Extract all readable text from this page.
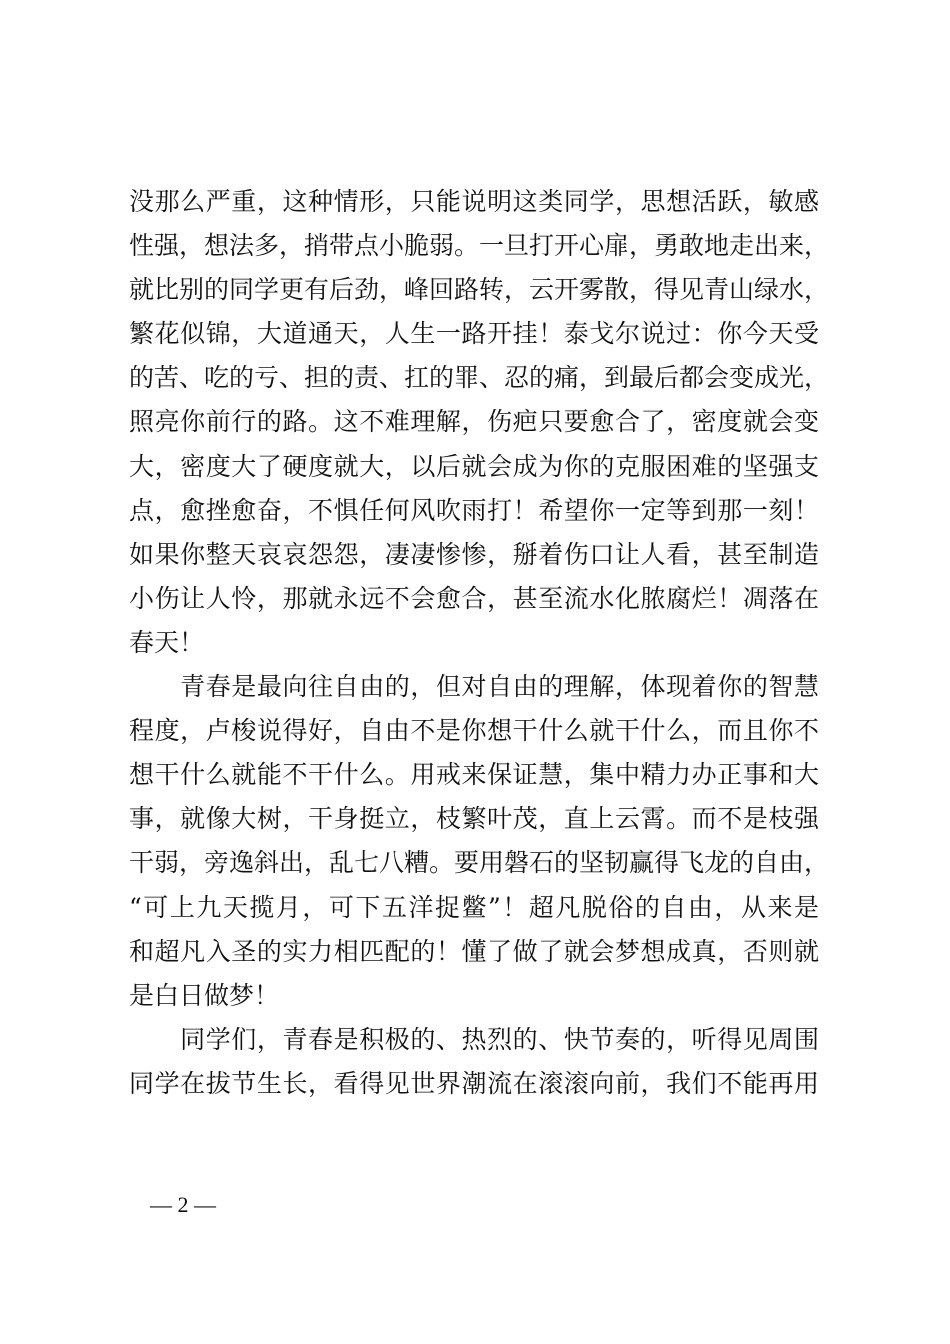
没那么严重，这种情形，只能说明这类同学，思想活跃，敏感
性强，想法多，捎带点小脆弱。一旦打开心扉，勇敢地走出来，
就比别的同学更有后劲，峰回路转，云开雾散，得见青山绿水，
繁花似锦，大道通天，人生一路开挂！泰戈尔说过：你今天受
的苦、吃的亏、担的责、扛的罪、忍的痛，到最后都会变成光，
照亮你前行的路。这不难理解，伤疤只要愈合了，密度就会变
大，密度大了硬度就大，以后就会成为你的克服困难的坚强支
点，愈挫愈奋，不惧任何风吹雨打！希望你一定等到那一刻！
如果你整天哀哀怨怨，凄凄惨惨，掰着伤口让人看，甚至制造
小伤让人怜，那就永远不会愈合，甚至流水化脓腐烂！凋落在
春天！

　　青春是最向往自由的，但对自由的理解，体现着你的智慧
程度，卢梭说得好，自由不是你想干什么就干什么，而且你不
想干什么就能不干什么。用戒来保证慧，集中精力办正事和大
事，就像大树，干身挺立，枝繁叶茂，直上云霄。而不是枝强
干弱，旁逸斜出，乱七八糟。要用磐石的坚韧赢得飞龙的自由，
“可上九天揽月，可下五洋捉鳖”！超凡脱俗的自由，从来是
和超凡入圣的实力相匹配的！懂了做了就会梦想成真，否则就
是白日做梦！

　　同学们，青春是积极的、热烈的、快节奏的，听得见周围
同学在拔节生长，看得见世界潮流在滚滚向前，我们不能再用

— 2 —
